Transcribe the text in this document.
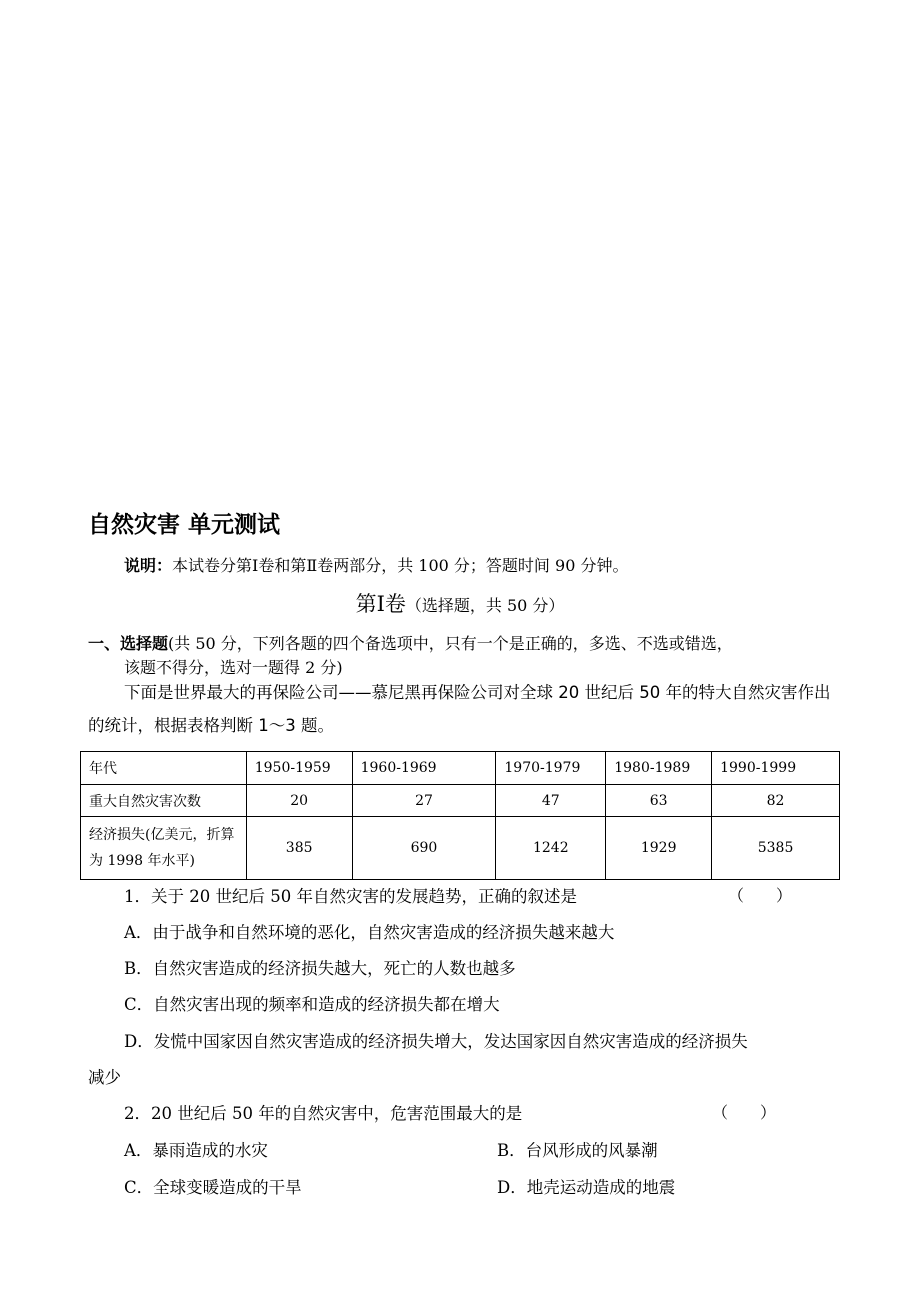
自然灾害 单元测试
说明：本试卷分第Ⅰ卷和第Ⅱ卷两部分，共 100 分；答题时间 90 分钟。
第Ⅰ卷（选择题，共 50 分）
一、选择题(共 50 分，下列各题的四个备选项中，只有一个是正确的，多选、不选或错选，
该题不得分，选对一题得 2 分)
下面是世界最大的再保险公司——慕尼黑再保险公司对全球 20 世纪后 50 年的特大自然灾害作出的统计，根据表格判断 1～3 题。
年代	1950-1959	1960-1969	1970-1979	1980-1989	1990-1999
重大自然灾害次数	20	27	47	63	82
经济损失(亿美元，折算为 1998 年水平)	385	690	1242	1929	5385
1．关于 20 世纪后 50 年自然灾害的发展趋势，正确的叙述是	（　　）
A．由于战争和自然环境的恶化，自然灾害造成的经济损失越来越大
B．自然灾害造成的经济损失越大，死亡的人数也越多
C．自然灾害出现的频率和造成的经济损失都在增大
D．发慌中国家因自然灾害造成的经济损失增大，发达国家因自然灾害造成的经济损失
减少
2．20 世纪后 50 年的自然灾害中，危害范围最大的是	（　　）
A．暴雨造成的水灾	B．台风形成的风暴潮
C．全球变暖造成的干旱	D．地壳运动造成的地震
